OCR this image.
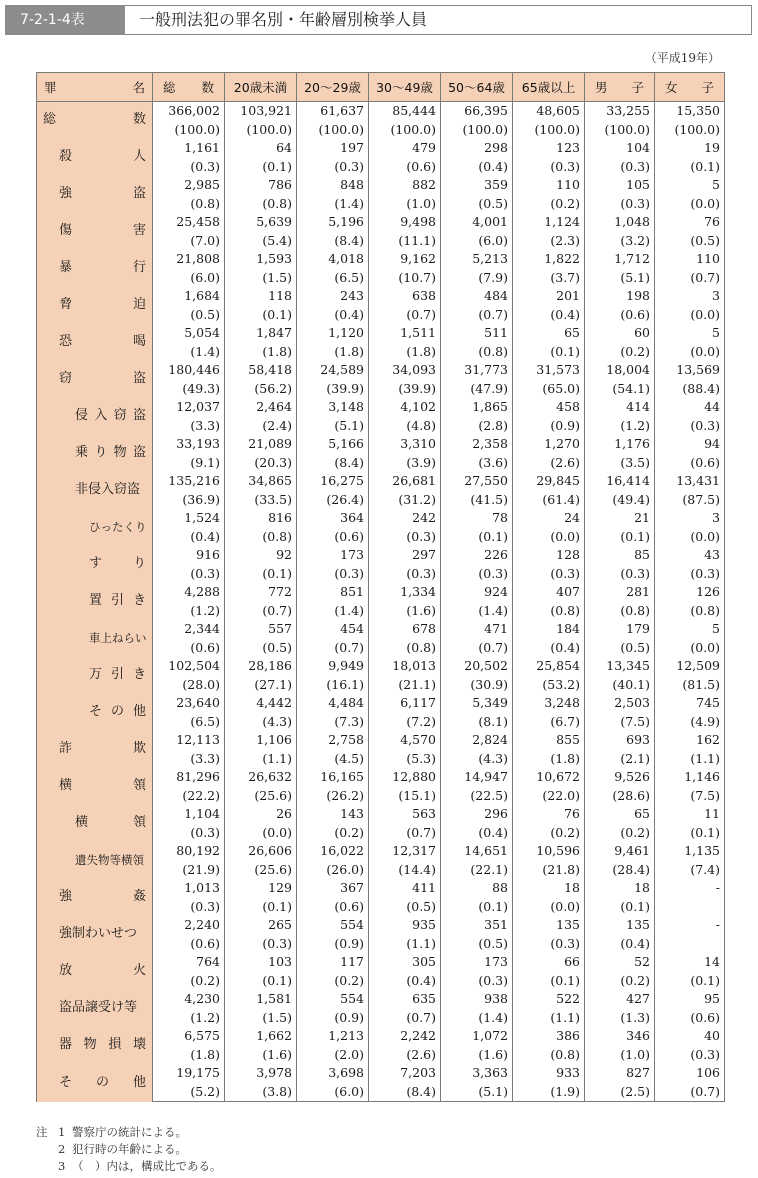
7-2-1-4表	一般刑法犯の罪名別・年齢層別検挙人員
（平成19年）
罪 名	総 数	20歳未満	20～29歳	30～49歳	50～64歳	65歳以上	男 子	女 子

総 数	366,002	103,921	61,637	85,444	66,395	48,605	33,255	15,350
	(100.0)	(100.0)	(100.0)	(100.0)	(100.0)	(100.0)	(100.0)	(100.0)

殺 人	1,161	64	197	479	298	123	104	19
	(0.3)	(0.1)	(0.3)	(0.6)	(0.4)	(0.3)	(0.3)	(0.1)

強 盗	2,985	786	848	882	359	110	105	5
	(0.8)	(0.8)	(1.4)	(1.0)	(0.5)	(0.2)	(0.3)	(0.0)

傷 害	25,458	5,639	5,196	9,498	4,001	1,124	1,048	76
	(7.0)	(5.4)	(8.4)	(11.1)	(6.0)	(2.3)	(3.2)	(0.5)

暴 行	21,808	1,593	4,018	9,162	5,213	1,822	1,712	110
	(6.0)	(1.5)	(6.5)	(10.7)	(7.9)	(3.7)	(5.1)	(0.7)

脅 迫	1,684	118	243	638	484	201	198	3
	(0.5)	(0.1)	(0.4)	(0.7)	(0.7)	(0.4)	(0.6)	(0.0)

恐 喝	5,054	1,847	1,120	1,511	511	65	60	5
	(1.4)	(1.8)	(1.8)	(1.8)	(0.8)	(0.1)	(0.2)	(0.0)

窃 盗	180,446	58,418	24,589	34,093	31,773	31,573	18,004	13,569
	(49.3)	(56.2)	(39.9)	(39.9)	(47.9)	(65.0)	(54.1)	(88.4)

侵 入 窃 盗	12,037	2,464	3,148	4,102	1,865	458	414	44
	(3.3)	(2.4)	(5.1)	(4.8)	(2.8)	(0.9)	(1.2)	(0.3)

乗 り 物 盗	33,193	21,089	5,166	3,310	2,358	1,270	1,176	94
	(9.1)	(20.3)	(8.4)	(3.9)	(3.6)	(2.6)	(3.5)	(0.6)

非侵入窃盗	135,216	34,865	16,275	26,681	27,550	29,845	16,414	13,431
	(36.9)	(33.5)	(26.4)	(31.2)	(41.5)	(61.4)	(49.4)	(87.5)

ひったくり	1,524	816	364	242	78	24	21	3
	(0.4)	(0.8)	(0.6)	(0.3)	(0.1)	(0.0)	(0.1)	(0.0)

す り	916	92	173	297	226	128	85	43
	(0.3)	(0.1)	(0.3)	(0.3)	(0.3)	(0.3)	(0.3)	(0.3)

置 引 き	4,288	772	851	1,334	924	407	281	126
	(1.2)	(0.7)	(1.4)	(1.6)	(1.4)	(0.8)	(0.8)	(0.8)

車上ねらい	2,344	557	454	678	471	184	179	5
	(0.6)	(0.5)	(0.7)	(0.8)	(0.7)	(0.4)	(0.5)	(0.0)

万 引 き	102,504	28,186	9,949	18,013	20,502	25,854	13,345	12,509
	(28.0)	(27.1)	(16.1)	(21.1)	(30.9)	(53.2)	(40.1)	(81.5)

そ の 他	23,640	4,442	4,484	6,117	5,349	3,248	2,503	745
	(6.5)	(4.3)	(7.3)	(7.2)	(8.1)	(6.7)	(7.5)	(4.9)

詐 欺	12,113	1,106	2,758	4,570	2,824	855	693	162
	(3.3)	(1.1)	(4.5)	(5.3)	(4.3)	(1.8)	(2.1)	(1.1)

横 領	81,296	26,632	16,165	12,880	14,947	10,672	9,526	1,146
	(22.2)	(25.6)	(26.2)	(15.1)	(22.5)	(22.0)	(28.6)	(7.5)

横 領	1,104	26	143	563	296	76	65	11
	(0.3)	(0.0)	(0.2)	(0.7)	(0.4)	(0.2)	(0.2)	(0.1)

遺失物等横領	80,192	26,606	16,022	12,317	14,651	10,596	9,461	1,135
	(21.9)	(25.6)	(26.0)	(14.4)	(22.1)	(21.8)	(28.4)	(7.4)

強 姦	1,013	129	367	411	88	18	18	-
	(0.3)	(0.1)	(0.6)	(0.5)	(0.1)	(0.0)	(0.1)	

強制わいせつ	2,240	265	554	935	351	135	135	-
	(0.6)	(0.3)	(0.9)	(1.1)	(0.5)	(0.3)	(0.4)	

放 火	764	103	117	305	173	66	52	14
	(0.2)	(0.1)	(0.2)	(0.4)	(0.3)	(0.1)	(0.2)	(0.1)

盗品譲受け等	4,230	1,581	554	635	938	522	427	95
	(1.2)	(1.5)	(0.9)	(0.7)	(1.4)	(1.1)	(1.3)	(0.6)

器 物 損 壊	6,575	1,662	1,213	2,242	1,072	386	346	40
	(1.8)	(1.6)	(2.0)	(2.6)	(1.6)	(0.8)	(1.0)	(0.3)

そ の 他	19,175	3,978	3,698	7,203	3,363	933	827	106
	(5.2)	(3.8)	(6.0)	(8.4)	(5.1)	(1.9)	(2.5)	(0.7)
注 1 警察庁の統計による。
2 犯行時の年齢による。
3 （　）内は，構成比である。
